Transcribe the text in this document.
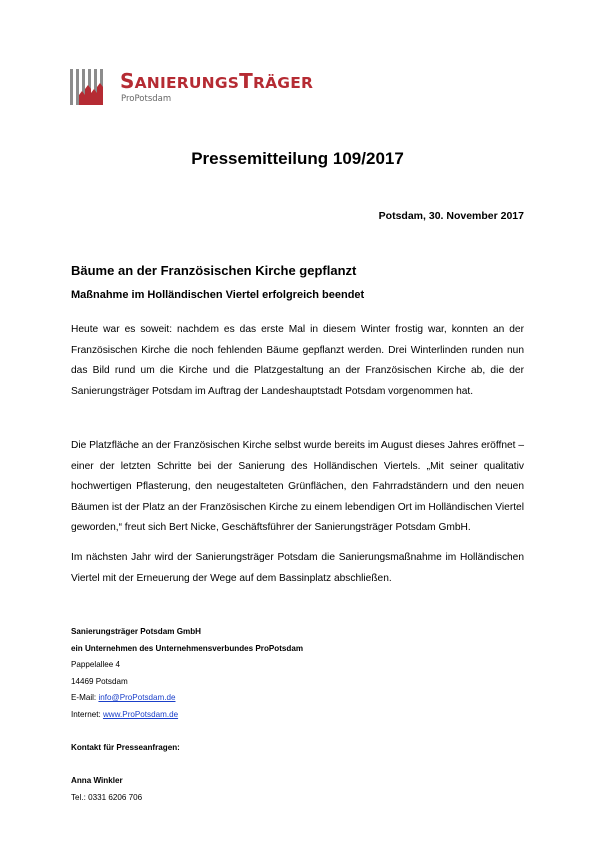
SANIERUNGSTRÄGER
ProPotsdam
Pressemitteilung 109/2017
Potsdam, 30. November 2017
Bäume an der Französischen Kirche gepflanzt
Maßnahme im Holländischen Viertel erfolgreich beendet

Heute war es soweit: nachdem es das erste Mal in diesem Winter frostig war, konnten an der Französischen Kirche die noch fehlenden Bäume gepflanzt werden. Drei Winterlinden runden nun das Bild rund um die Kirche und die Platzgestaltung an der Französischen Kirche ab, die der Sanierungsträger Potsdam im Auftrag der Landeshauptstadt Potsdam vorgenommen hat.

Die Platzfläche an der Französischen Kirche selbst wurde bereits im August dieses Jahres eröffnet – einer der letzten Schritte bei der Sanierung des Holländischen Viertels. „Mit seiner qualitativ hochwertigen Pflasterung, den neugestalteten Grünflächen, den Fahrradständern und den neuen Bäumen ist der Platz an der Französischen Kirche zu einem lebendigen Ort im Holländischen Viertel geworden,“ freut sich Bert Nicke, Geschäftsführer der Sanierungsträger Potsdam GmbH.

Im nächsten Jahr wird der Sanierungsträger Potsdam die Sanierungsmaßnahme im Holländischen Viertel mit der Erneuerung der Wege auf dem Bassinplatz abschließen.

Sanierungsträger Potsdam GmbH
ein Unternehmen des Unternehmensverbundes ProPotsdam
Pappelallee 4
14469 Potsdam
E-Mail: info@ProPotsdam.de
Internet: www.ProPotsdam.de
Kontakt für Presseanfragen:
Anna Winkler
Tel.: 0331 6206 706
